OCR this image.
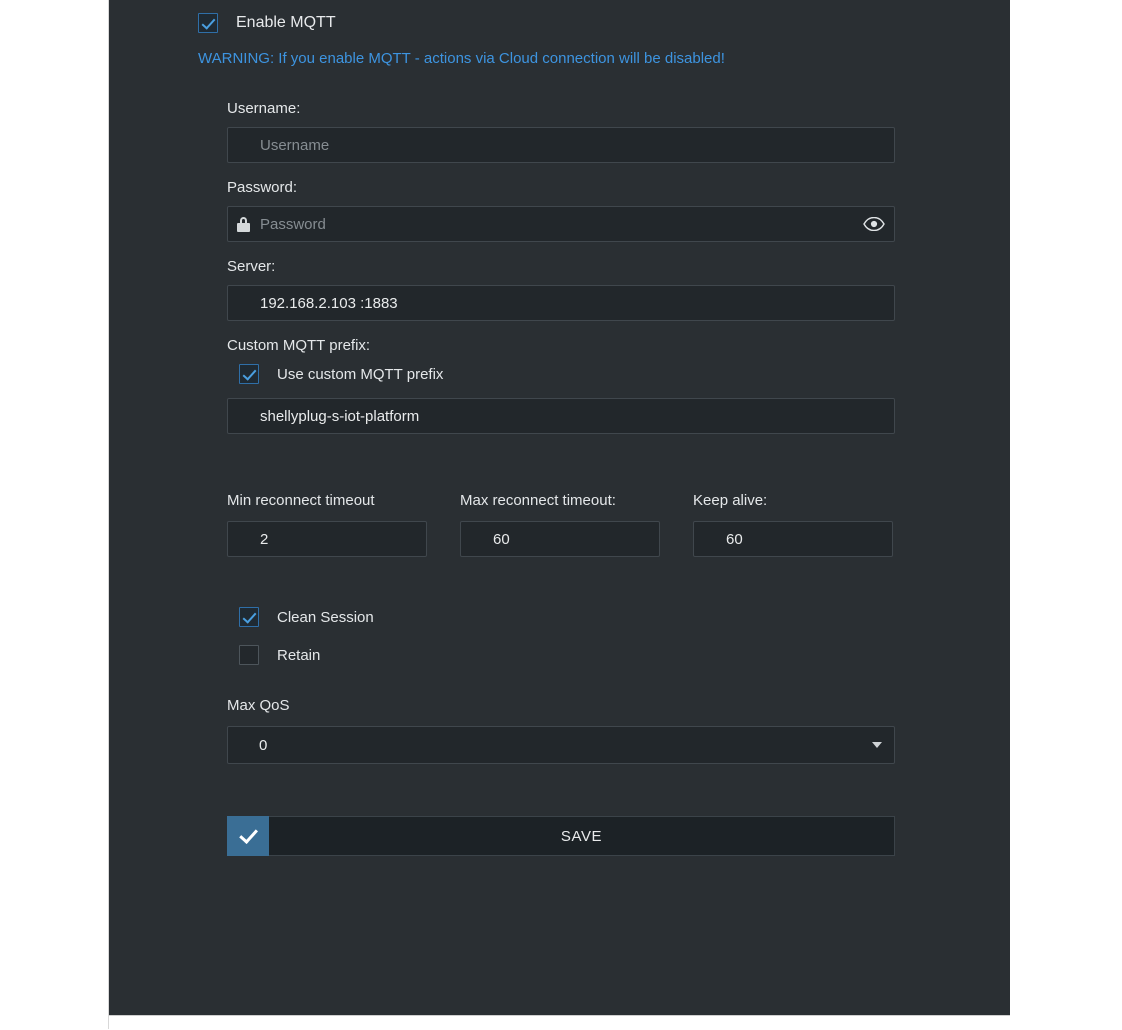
Enable MQTT
WARNING: If you enable MQTT - actions via Cloud connection will be disabled!
Username:
Username
Password:
Password
Server:
192.168.2.103 :1883
Custom MQTT prefix:
Use custom MQTT prefix
shellyplug-s-iot-platform
Min reconnect timeout
2	Max reconnect timeout:
60	Keep alive:
60
Clean Session
Retain
Max QoS
0
SAVE
